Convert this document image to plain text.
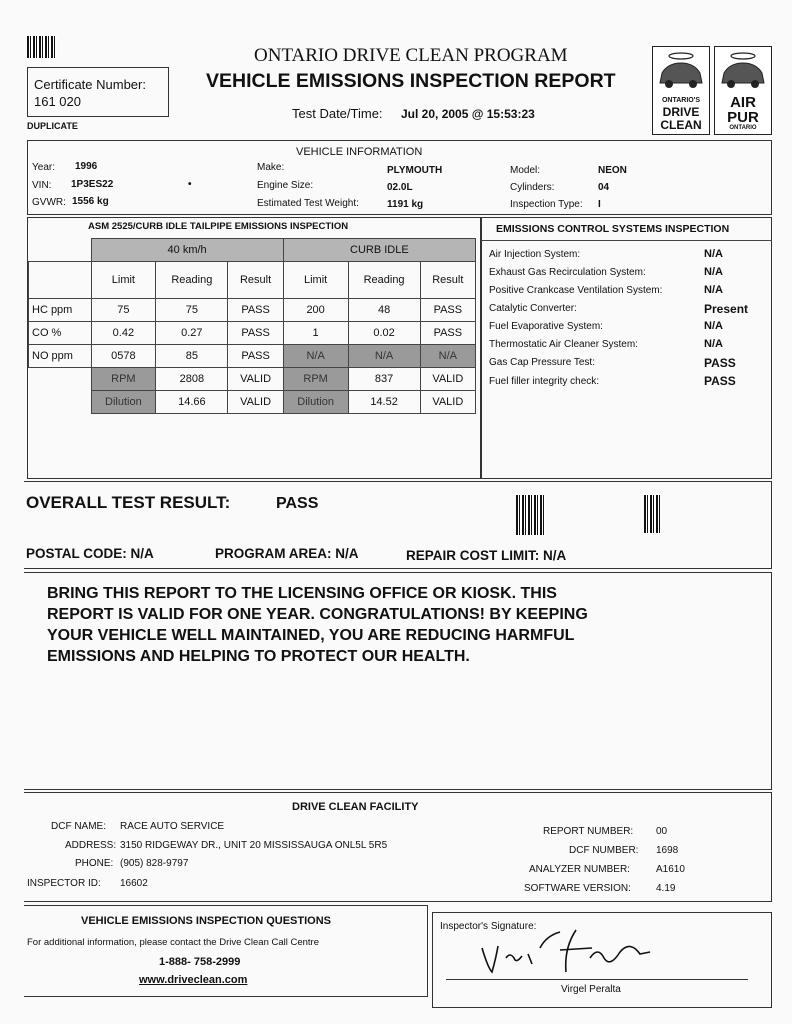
Certificate Number:
161 020
DUPLICATE
ONTARIO DRIVE CLEAN PROGRAM
VEHICLE EMISSIONS INSPECTION REPORT
Test Date/Time: Jul 20, 2005 @ 15:53:23
ONTARIO'S
DRIVE
CLEAN
AIR
PUR
ONTARIO
VEHICLE INFORMATION
Year: 1996
VIN: 1P3ES22	•
GVWR: 1556 kg
Make:	PLYMOUTH
Engine Size:	02.0L
Estimated Test Weight:	1191 kg
Model:	NEON
Cylinders:	04
Inspection Type: I
ASM 2525/CURB IDLE TAILPIPE EMISSIONS INSPECTION
	40 km/h			CURB IDLE		
	Limit	Reading	Result	Limit	Reading	Result
HC ppm	75	75	PASS	200	48	PASS
CO %	0.42	0.27	PASS	1	0.02	PASS
NO ppm	0578	85	PASS	N/A	N/A	N/A
	RPM	2808	VALID	RPM	837	VALID
	Dilution	14.66	VALID	Dilution	14.52	VALID
EMISSIONS CONTROL SYSTEMS INSPECTION
Air Injection System:	N/A
Exhaust Gas Recirculation System:	N/A
Positive Crankcase Ventilation System:	N/A
Catalytic Converter:	Present
Fuel Evaporative System:	N/A
Thermostatic Air Cleaner System:	N/A
Gas Cap Pressure Test:	PASS
Fuel filler integrity check:	PASS
OVERALL TEST RESULT:	PASS
POSTAL CODE: N/A	PROGRAM AREA: N/A	REPAIR COST LIMIT: N/A
BRING THIS REPORT TO THE LICENSING OFFICE OR KIOSK. THIS
REPORT IS VALID FOR ONE YEAR. CONGRATULATIONS! BY KEEPING
YOUR VEHICLE WELL MAINTAINED, YOU ARE REDUCING HARMFUL
EMISSIONS AND HELPING TO PROTECT OUR HEALTH.
DRIVE CLEAN FACILITY
DCF NAME: RACE AUTO SERVICE
ADDRESS: 3150 RIDGEWAY DR., UNIT 20 MISSISSAUGA ONL5L 5R5
PHONE: (905) 828-9797
INSPECTOR ID: 16602
REPORT NUMBER: 00
DCF NUMBER: 1698
ANALYZER NUMBER:	A1610
SOFTWARE VERSION:	4.19
VEHICLE EMISSIONS INSPECTION QUESTIONS
For additional information, please contact the Drive Clean Call Centre
1-888- 758-2999
www.driveclean.com
Inspector's Signature:
Virgel Peralta
